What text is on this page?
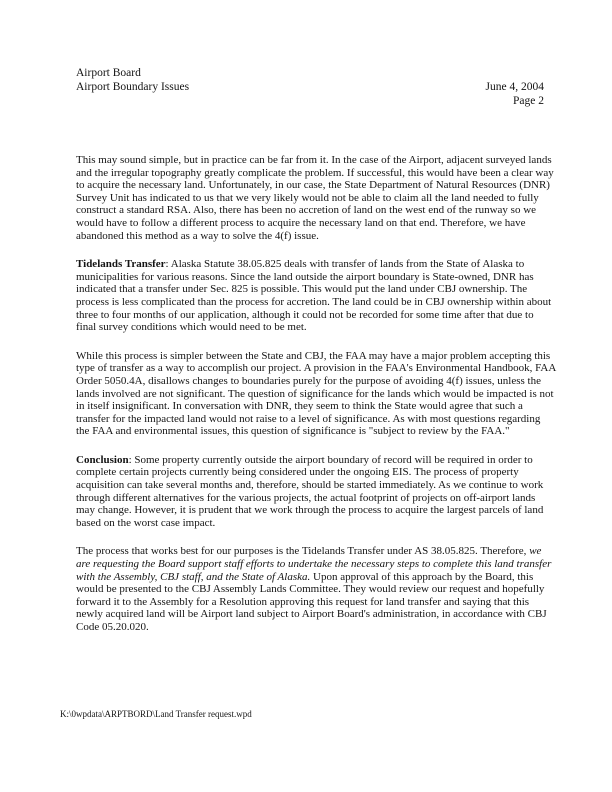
Airport Board
Airport Boundary Issues	June 4, 2004
Page 2

This may sound simple, but in practice can be far from it. In the case of the Airport, adjacent surveyed lands and the irregular topography greatly complicate the problem. If successful, this would have been a clear way to acquire the necessary land. Unfortunately, in our case, the State Department of Natural Resources (DNR) Survey Unit has indicated to us that we very likely would not be able to claim all the land needed to fully construct a standard RSA. Also, there has been no accretion of land on the west end of the runway so we would have to follow a different process to acquire the necessary land on that end. Therefore, we have abandoned this method as a way to solve the 4(f) issue.

Tidelands Transfer: Alaska Statute 38.05.825 deals with transfer of lands from the State of Alaska to municipalities for various reasons. Since the land outside the airport boundary is State-owned, DNR has indicated that a transfer under Sec. 825 is possible. This would put the land under CBJ ownership. The process is less complicated than the process for accretion. The land could be in CBJ ownership within about three to four months of our application, although it could not be recorded for some time after that due to final survey conditions which would need to be met.

While this process is simpler between the State and CBJ, the FAA may have a major problem accepting this type of transfer as a way to accomplish our project. A provision in the FAA's Environmental Handbook, FAA Order 5050.4A, disallows changes to boundaries purely for the purpose of avoiding 4(f) issues, unless the lands involved are not significant. The question of significance for the lands which would be impacted is not in itself insignificant. In conversation with DNR, they seem to think the State would agree that such a transfer for the impacted land would not raise to a level of significance. As with most questions regarding the FAA and environmental issues, this question of significance is "subject to review by the FAA."

Conclusion: Some property currently outside the airport boundary of record will be required in order to complete certain projects currently being considered under the ongoing EIS. The process of property acquisition can take several months and, therefore, should be started immediately. As we continue to work through different alternatives for the various projects, the actual footprint of projects on off-airport lands may change. However, it is prudent that we work through the process to acquire the largest parcels of land based on the worst case impact.

The process that works best for our purposes is the Tidelands Transfer under AS 38.05.825. Therefore, we are requesting the Board support staff efforts to undertake the necessary steps to complete this land transfer with the Assembly, CBJ staff, and the State of Alaska. Upon approval of this approach by the Board, this would be presented to the CBJ Assembly Lands Committee. They would review our request and hopefully forward it to the Assembly for a Resolution approving this request for land transfer and saying that this newly acquired land will be Airport land subject to Airport Board's administration, in accordance with CBJ Code 05.20.020.

K:\0wpdata\ARPTBORD\Land Transfer request.wpd
